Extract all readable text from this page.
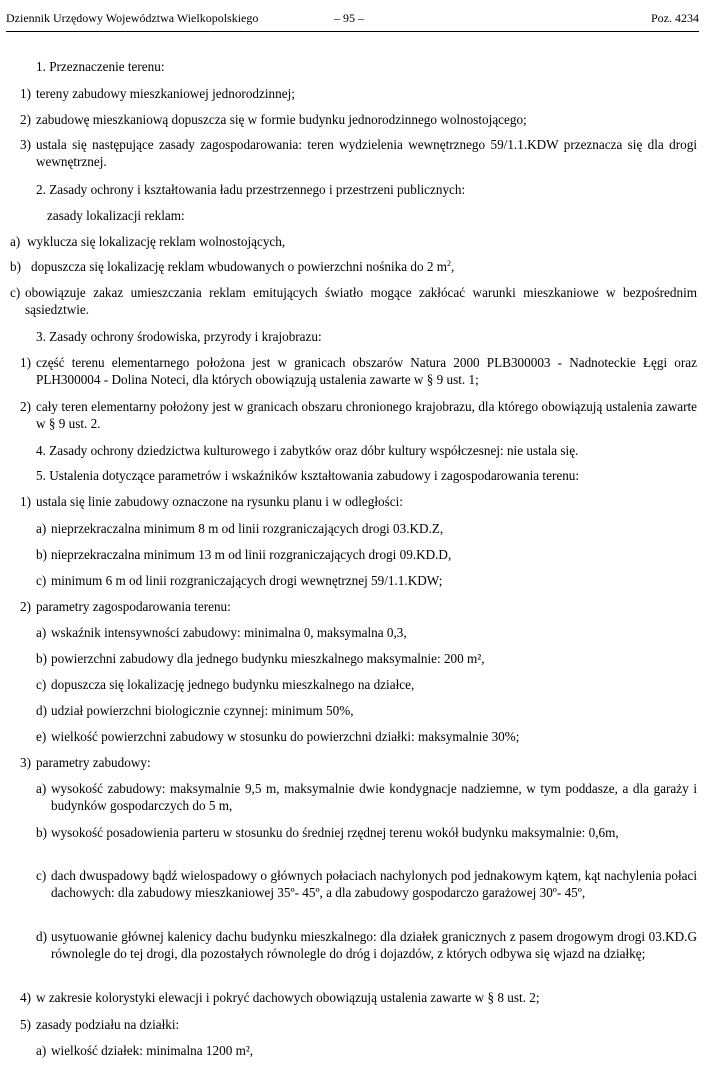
Dziennik Urzędowy Województwa Wielkopolskiego	– 95 –	Poz. 4234
1. Przeznaczenie terenu:
1) tereny zabudowy mieszkaniowej jednorodzinnej;
2) zabudowę mieszkaniową dopuszcza się w formie budynku jednorodzinnego wolnostojącego;
3) ustala się następujące zasady zagospodarowania: teren wydzielenia wewnętrznego 59/1.1.KDW przeznacza się dla drogi wewnętrznej.
2. Zasady ochrony i kształtowania ładu przestrzennego i przestrzeni publicznych:
zasady lokalizacji reklam:
a) wyklucza się lokalizację reklam wolnostojących,
b) dopuszcza się lokalizację reklam wbudowanych o powierzchni nośnika do 2 $m^2$,
c) obowiązuje zakaz umieszczania reklam emitujących światło mogące zakłócać warunki mieszkaniowe w bezpośrednim sąsiedztwie.
3. Zasady ochrony środowiska, przyrody i krajobrazu:
1) część terenu elementarnego położona jest w granicach obszarów Natura 2000 PLB300003 - Nadnoteckie Łęgi oraz PLH300004 - Dolina Noteci, dla których obowiązują ustalenia zawarte w § 9 ust. 1;
2) cały teren elementarny położony jest w granicach obszaru chronionego krajobrazu, dla którego obowiązują ustalenia zawarte w § 9 ust. 2.
4. Zasady ochrony dziedzictwa kulturowego i zabytków oraz dóbr kultury współczesnej: nie ustala się.
5. Ustalenia dotyczące parametrów i wskaźników kształtowania zabudowy i zagospodarowania terenu:
1) ustala się linie zabudowy oznaczone na rysunku planu i w odległości:
a) nieprzekraczalna minimum 8 m od linii rozgraniczających drogi 03.KD.Z,
b) nieprzekraczalna minimum 13 m od linii rozgraniczających drogi 09.KD.D,
c) minimum 6 m od linii rozgraniczających drogi wewnętrznej 59/1.1.KDW;
2) parametry zagospodarowania terenu:
a) wskaźnik intensywności zabudowy: minimalna 0, maksymalna 0,3,
b) powierzchni zabudowy dla jednego budynku mieszkalnego maksymalnie: 200 m²,
c) dopuszcza się lokalizację jednego budynku mieszkalnego na działce,
d) udział powierzchni biologicznie czynnej: minimum 50%,
e) wielkość powierzchni zabudowy w stosunku do powierzchni działki: maksymalnie 30%;
3) parametry zabudowy:
a) wysokość zabudowy: maksymalnie 9,5 m, maksymalnie dwie kondygnacje nadziemne, w tym poddasze, a dla garaży i budynków gospodarczych do 5 m,
b) wysokość posadowienia parteru w stosunku do średniej rzędnej terenu wokół budynku maksymalnie: 0,6m,
c) dach dwuspadowy bądź wielospadowy o głównych połaciach nachylonych pod jednakowym kątem, kąt nachylenia połaci dachowych: dla zabudowy mieszkaniowej 35º- 45º, a dla zabudowy gospodarczo garażowej 30º- 45º,
d) usytuowanie głównej kalenicy dachu budynku mieszkalnego: dla działek granicznych z pasem drogowym drogi 03.KD.G równolegle do tej drogi, dla pozostałych równolegle do dróg i dojazdów, z których odbywa się wjazd na działkę;
4) w zakresie kolorystyki elewacji i pokryć dachowych obowiązują ustalenia zawarte w § 8 ust. 2;
5) zasady podziału na działki:
a) wielkość działek: minimalna 1200 m²,
